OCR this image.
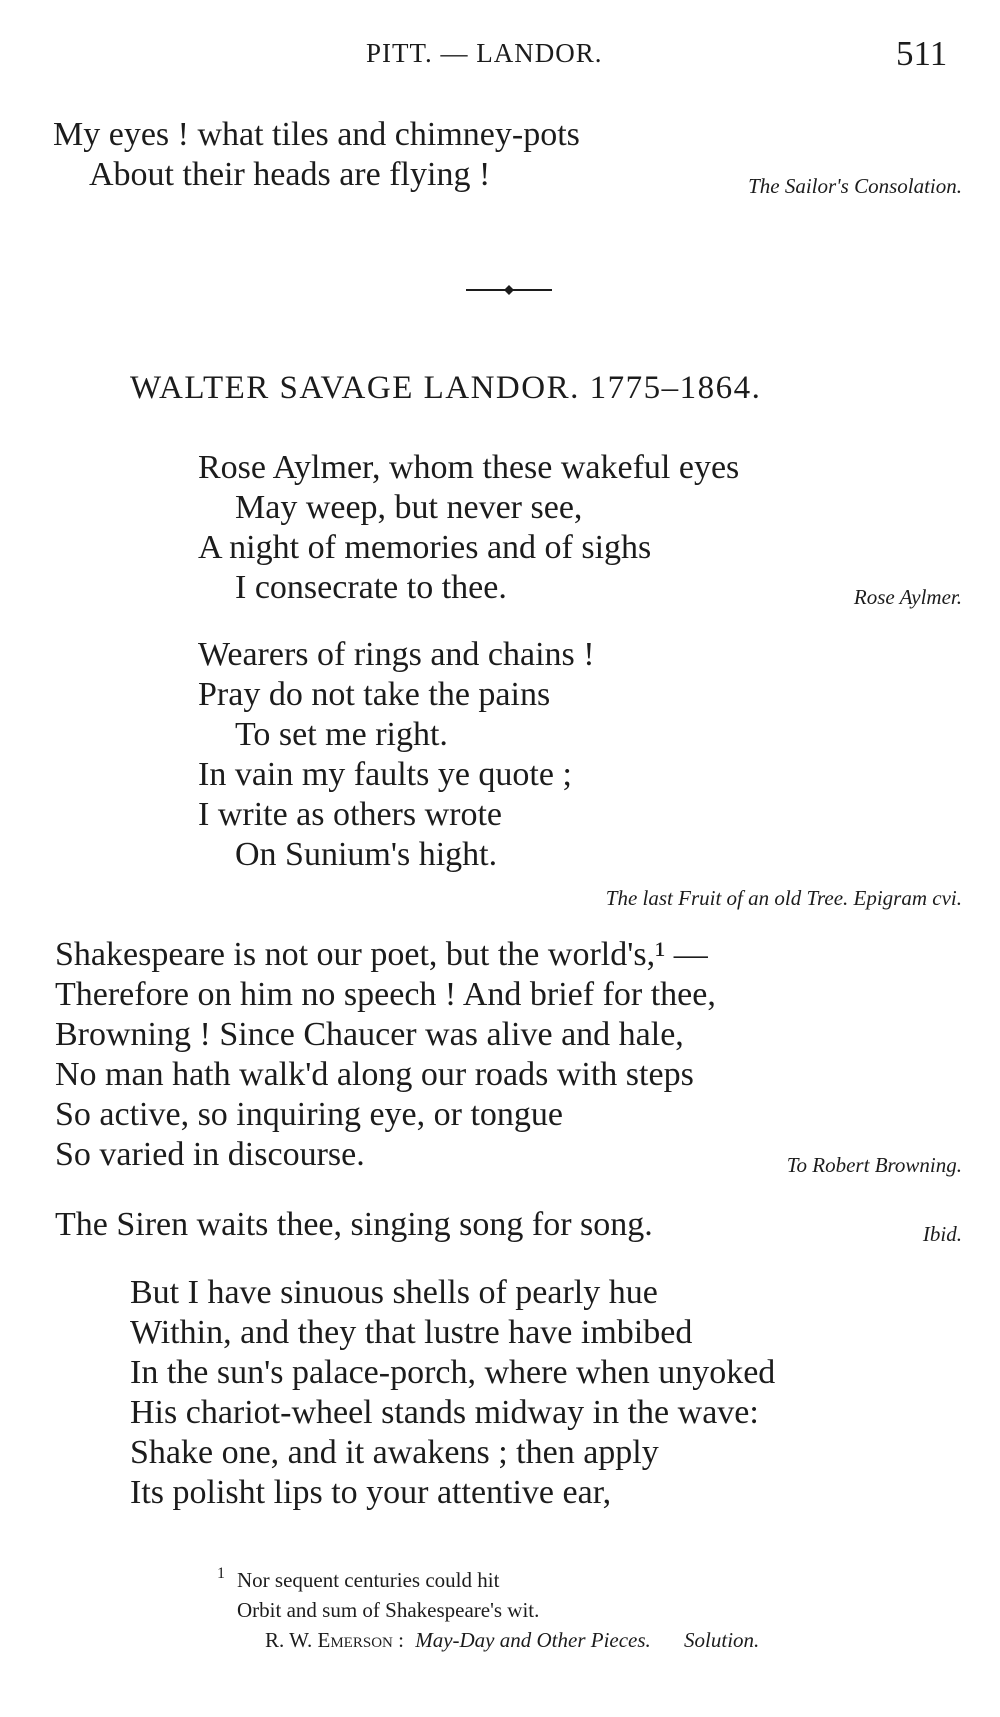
PITT. — LANDOR.	511
My eyes ! what tiles and chimney-pots
About their heads are flying !	The Sailor's Consolation.
WALTER SAVAGE LANDOR. 1775–1864.
Rose Aylmer, whom these wakeful eyes
May weep, but never see,
A night of memories and of sighs
I consecrate to thee.	Rose Aylmer.
Wearers of rings and chains !
Pray do not take the pains
To set me right.
In vain my faults ye quote ;
I write as others wrote
On Sunium's hight.
The last Fruit of an old Tree. Epigram cvi.
Shakespeare is not our poet, but the world's,¹ —
Therefore on him no speech ! And brief for thee,
Browning ! Since Chaucer was alive and hale,
No man hath walk'd along our roads with steps
So active, so inquiring eye, or tongue
So varied in discourse.	To Robert Browning.
The Siren waits thee, singing song for song.	Ibid.
But I have sinuous shells of pearly hue
Within, and they that lustre have imbibed
In the sun's palace-porch, where when unyoked
His chariot-wheel stands midway in the wave:
Shake one, and it awakens ; then apply
Its polisht lips to your attentive ear,
1 Nor sequent centuries could hit
Orbit and sum of Shakespeare's wit.
R. W. Emerson : May-Day and Other Pieces. Solution.
